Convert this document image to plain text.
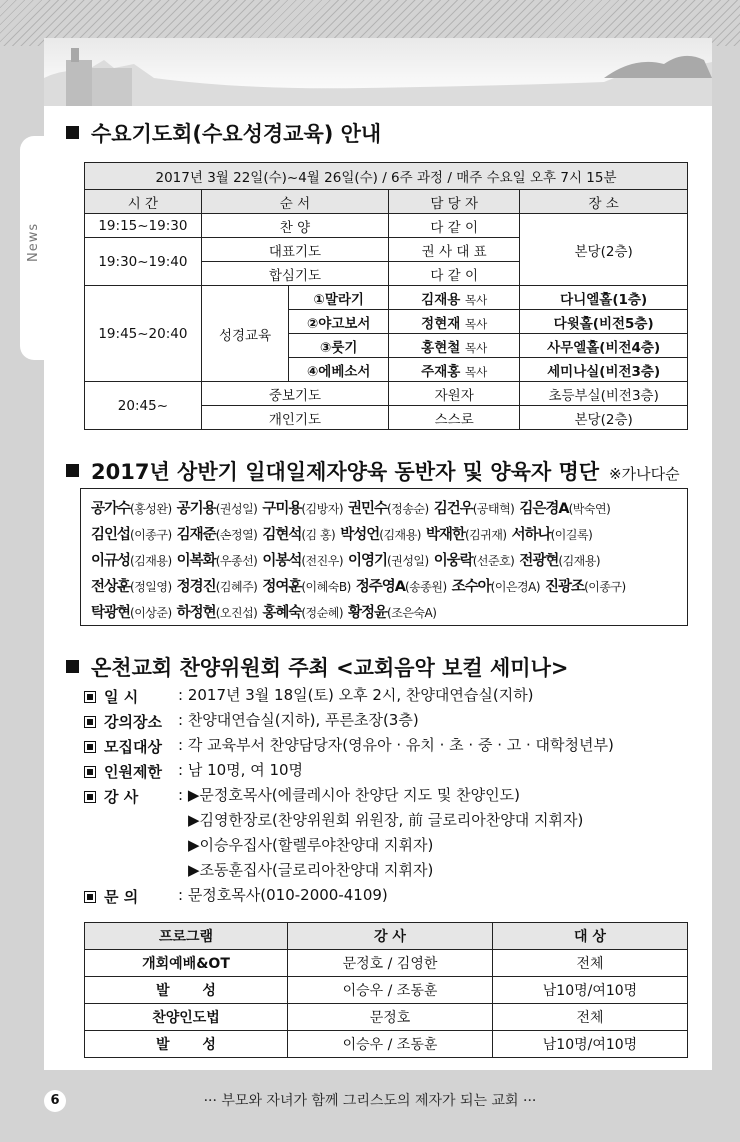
News
수요기도회(수요성경교육) 안내
2017년 3월 22일(수)~4월 26일(수) / 6주 과정 / 매주 수요일 오후 7시 15분				
시 간	순 서		담 당 자	장 소
19:15~19:30	찬 양		다 같 이	본당(2층)
19:30~19:40	대표기도		권 사 대 표	
	합심기도		다 같 이	
19:45~20:40	성경교육	①말라기	김재용 목사	다니엘홀(1층)
		②야고보서	정현재 목사	다윗홀(비전5층)
		③룻기	홍현철 목사	사무엘홀(비전4층)
		④에베소서	주재홍 목사	세미나실(비전3층)
20:45~	중보기도		자원자	초등부실(비전3층)
	개인기도		스스로	본당(2층)
2017년 상반기 일대일제자양육 동반자 및 양육자 명단 ※가나다순
공가수(홍성완) 공기용(권성일) 구미용(김방자) 권민수(정송순) 김건우(공태혁) 김은경A(박숙연)
김인섭(이종구) 김재준(손정열) 김현석(김 홍) 박성언(김재용) 박재한(김귀재) 서하나(이길록)
이규성(김재용) 이복화(우종선) 이봉석(전진우) 이영기(권성일) 이웅락(선준호) 전광현(김재용)
전상훈(정일영) 정경진(김혜주) 정여훈(이혜숙B) 정주영A(송종원) 조수아(이은경A) 진광조(이종구)
탁광현(이상준) 하정현(오진섭) 홍혜숙(정순혜) 황정윤(조은숙A)
온천교회 찬양위원회 주최 <교회음악 보컬 세미나>
일 시	: 2017년 3월 18일(토) 오후 2시, 찬양대연습실(지하)
강의장소 : 찬양대연습실(지하), 푸른초장(3층)
모집대상 : 각 교육부서 찬양담당자(영유아 · 유치 · 초 · 중 · 고 · 대학청년부)
인원제한 : 남 10명, 여 10명
강 사	: ▶문정호목사(에클레시아 찬양단 지도 및 찬양인도)
▶김영한장로(찬양위원회 위원장, 前 글로리아찬양대 지휘자)
▶이승우집사(할렐루야찬양대 지휘자)
▶조동훈집사(글로리아찬양대 지휘자)
문 의	: 문정호목사(010-2000-4109)
프로그램	강 사	대 상
개회예배&OT	문정호 / 김영한	전체
발 성	이승우 / 조동훈	남10명/여10명
찬양인도법	문정호	전체
발 성	이승우 / 조동훈	남10명/여10명
6	··· 부모와 자녀가 함께 그리스도의 제자가 되는 교회 ···
